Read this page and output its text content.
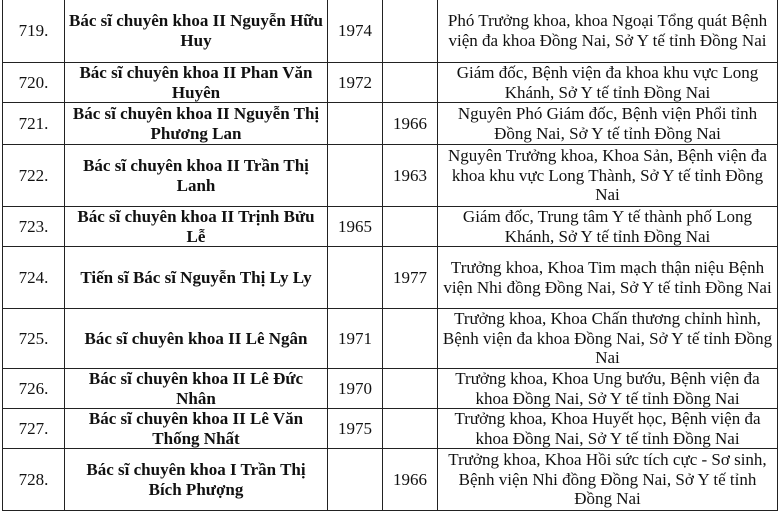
719.	Bác sĩ chuyên khoa II Nguyễn Hữu Huy	1974		Phó Trưởng khoa, khoa Ngoại Tổng quát Bệnh viện đa khoa Đồng Nai, Sở Y tế tỉnh Đồng Nai
720.	Bác sĩ chuyên khoa II Phan Văn Huyên	1972		Giám đốc, Bệnh viện đa khoa khu vực Long Khánh, Sở Y tế tỉnh Đồng Nai
721.	Bác sĩ chuyên khoa II Nguyễn Thị Phương Lan		1966	Nguyên Phó Giám đốc, Bệnh viện Phổi tỉnh Đồng Nai, Sở Y tế tỉnh Đồng Nai
722.	Bác sĩ chuyên khoa II Trần Thị Lanh		1963	Nguyên Trưởng khoa, Khoa Sản, Bệnh viện đa khoa khu vực Long Thành, Sở Y tế tỉnh Đồng Nai
723.	Bác sĩ chuyên khoa II Trịnh Bửu Lễ	1965		Giám đốc, Trung tâm Y tế thành phố Long Khánh, Sở Y tế tỉnh Đồng Nai
724.	Tiến sĩ Bác sĩ Nguyễn Thị Ly Ly		1977	Trưởng khoa, Khoa Tim mạch thận niệu Bệnh viện Nhi đồng Đồng Nai, Sở Y tế tỉnh Đồng Nai
725.	Bác sĩ chuyên khoa II Lê Ngân	1971		Trưởng khoa, Khoa Chấn thương chỉnh hình, Bệnh viện đa khoa Đồng Nai, Sở Y tế tỉnh Đồng Nai
726.	Bác sĩ chuyên khoa II Lê Đức Nhân	1970		Trưởng khoa, Khoa Ung bướu, Bệnh viện đa khoa Đồng Nai, Sở Y tế tỉnh Đồng Nai
727.	Bác sĩ chuyên khoa II Lê Văn Thống Nhất	1975		Trưởng khoa, Khoa Huyết học, Bệnh viện đa khoa Đồng Nai, Sở Y tế tỉnh Đồng Nai
728.	Bác sĩ chuyên khoa I Trần Thị Bích Phượng		1966	Trưởng khoa, Khoa Hồi sức tích cực - Sơ sinh, Bệnh viện Nhi đồng Đồng Nai, Sở Y tế tỉnh Đồng Nai
